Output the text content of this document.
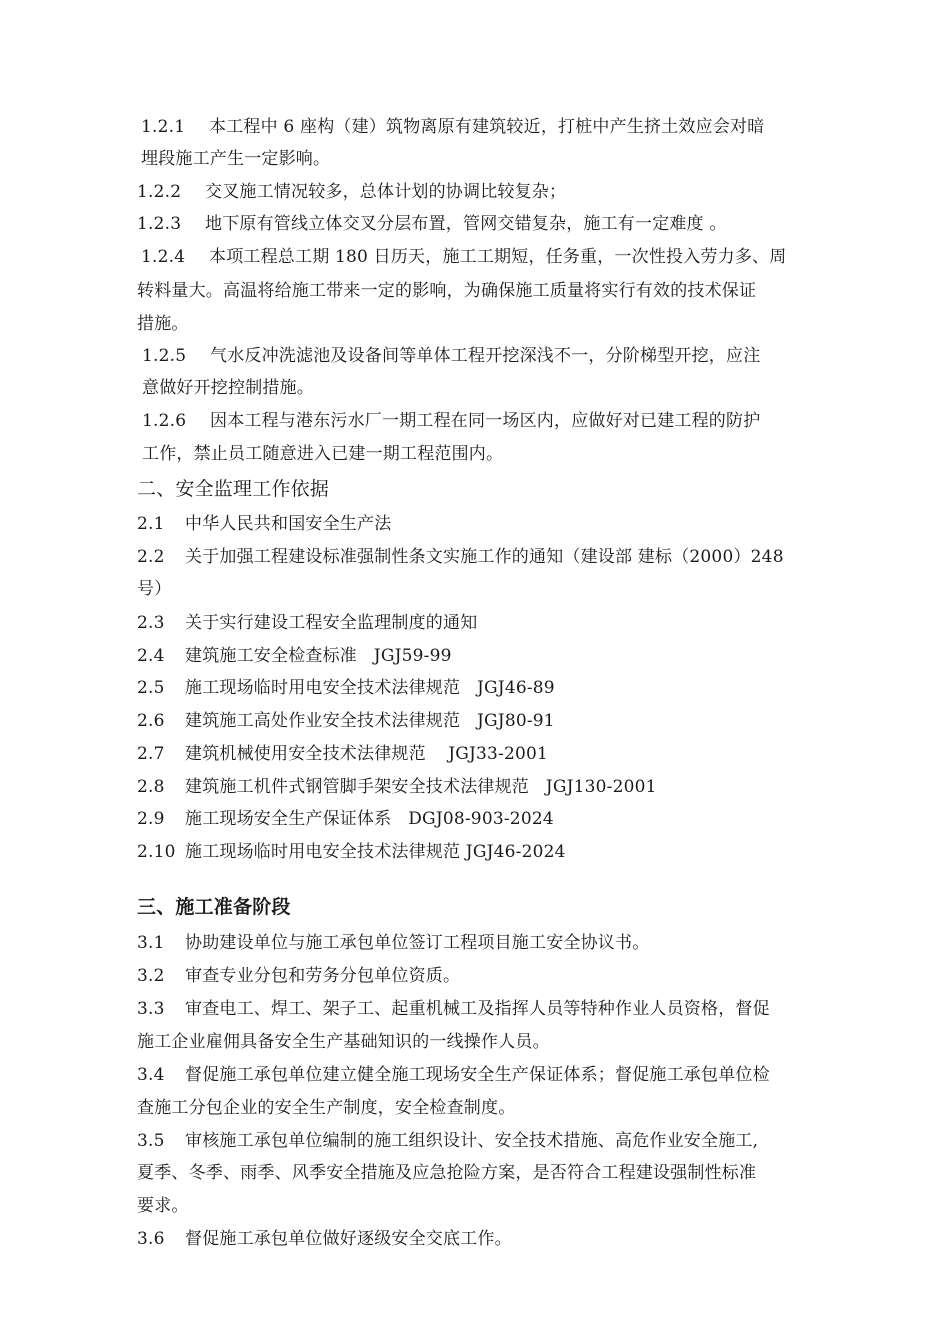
1.2.1 本工程中 6 座构（建）筑物离原有建筑较近，打桩中产生挤土效应会对暗
埋段施工产生一定影响。
1.2.2 交叉施工情况较多，总体计划的协调比较复杂；
1.2.3 地下原有管线立体交叉分层布置，管网交错复杂，施工有一定难度 。
1.2.4 本项工程总工期 180 日历天，施工工期短，任务重，一次性投入劳力多、周
转料量大。高温将给施工带来一定的影响，为确保施工质量将实行有效的技术保证
措施。
1.2.5 气水反冲洗滤池及设备间等单体工程开挖深浅不一，分阶梯型开挖，应注
意做好开挖控制措施。
1.2.6 因本工程与港东污水厂一期工程在同一场区内，应做好对已建工程的防护
工作，禁止员工随意进入已建一期工程范围内。
二、安全监理工作依据
2.1 中华人民共和国安全生产法
2.2 关于加强工程建设标准强制性条文实施工作的通知（建设部 建标（2000）248
号）
2.3 关于实行建设工程安全监理制度的通知
2.4 建筑施工安全检查标准   JGJ59-99
2.5 施工现场临时用电安全技术法律规范   JGJ46-89
2.6 建筑施工高处作业安全技术法律规范   JGJ80-91
2.7 建筑机械使用安全技术法律规范    JGJ33-2001
2.8 建筑施工机件式钢管脚手架安全技术法律规范   JGJ130-2001
2.9 施工现场安全生产保证体系   DGJ08-903-2024
2.10 施工现场临时用电安全技术法律规范 JGJ46-2024
三、施工准备阶段
3.1 协助建设单位与施工承包单位签订工程项目施工安全协议书。
3.2 审查专业分包和劳务分包单位资质。
3.3 审查电工、焊工、架子工、起重机械工及指挥人员等特种作业人员资格，督促
施工企业雇佣具备安全生产基础知识的一线操作人员。
3.4 督促施工承包单位建立健全施工现场安全生产保证体系；督促施工承包单位检
查施工分包企业的安全生产制度，安全检查制度。
3.5 审核施工承包单位编制的施工组织设计、安全技术措施、高危作业安全施工,
夏季、冬季、雨季、风季安全措施及应急抢险方案，是否符合工程建设强制性标准
要求。
3.6 督促施工承包单位做好逐级安全交底工作。
